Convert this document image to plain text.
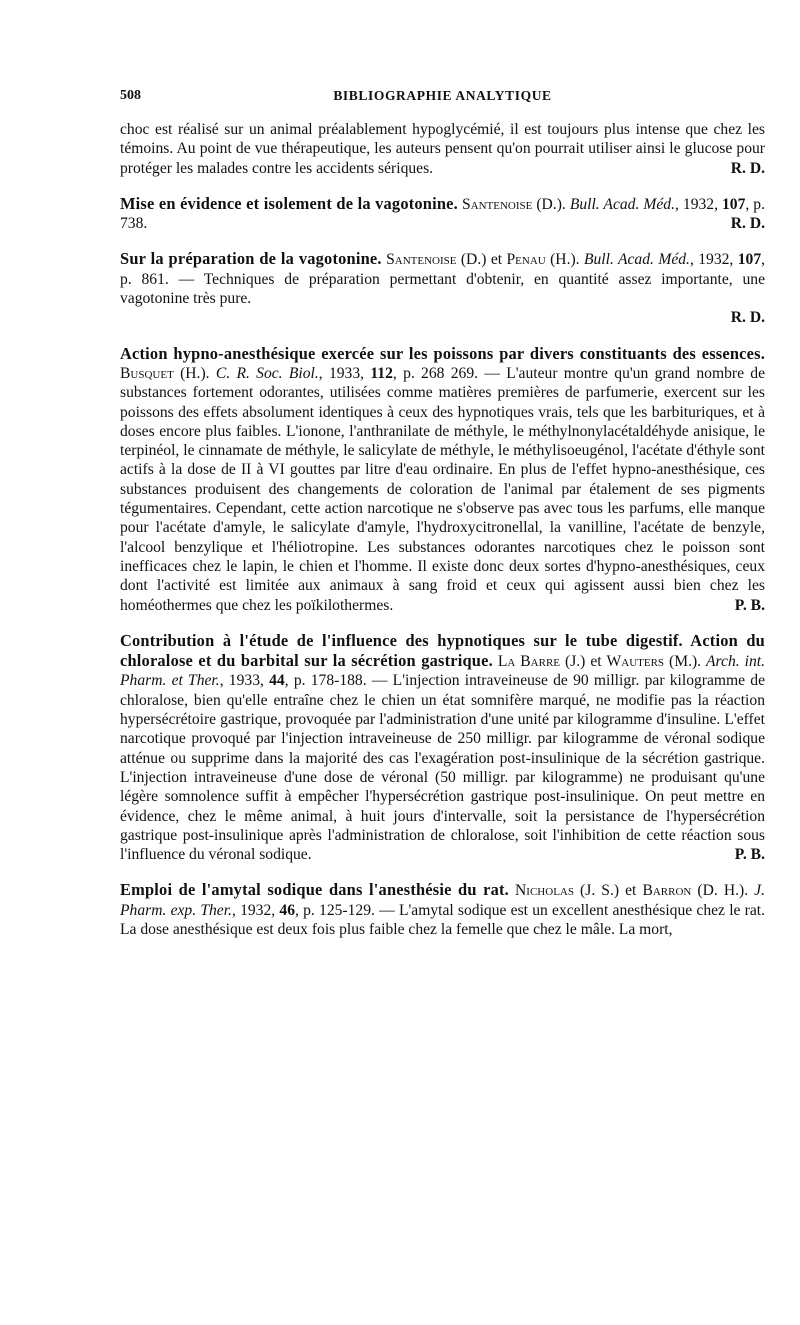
508	BIBLIOGRAPHIE ANALYTIQUE

choc est réalisé sur un animal préalablement hypoglycémié, il est toujours plus intense que chez les témoins. Au point de vue thérapeutique, les auteurs pensent qu'on pourrait utiliser ainsi le glucose pour protéger les malades contre les accidents sériques.	R. D.

Mise en évidence et isolement de la vagotonine. Santenoise (D.). Bull. Acad. Méd., 1932, 107, p. 738.	R. D.

Sur la préparation de la vagotonine. Santenoise (D.) et Penau (H.). Bull. Acad. Méd., 1932, 107, p. 861. — Techniques de préparation permettant d'obtenir, en quantité assez importante, une vagotonine très pure.

R. D.

Action hypno-anesthésique exercée sur les poissons par divers constituants des essences. Busquet (H.). C. R. Soc. Biol., 1933, 112, p. 268 269. — L'auteur montre qu'un grand nombre de substances fortement odorantes, utilisées comme matières premières de parfumerie, exercent sur les poissons des effets absolument identiques à ceux des hypnotiques vrais, tels que les barbituriques, et à doses encore plus faibles. L'ionone, l'anthranilate de méthyle, le méthylnonylacétaldéhyde anisique, le terpinéol, le cinnamate de méthyle, le salicylate de méthyle, le méthylisoeugénol, l'acétate d'éthyle sont actifs à la dose de II à VI gouttes par litre d'eau ordinaire. En plus de l'effet hypno-anesthésique, ces substances produisent des changements de coloration de l'animal par étalement de ses pigments tégumentaires. Cependant, cette action narcotique ne s'observe pas avec tous les parfums, elle manque pour l'acétate d'amyle, le salicylate d'amyle, l'hydroxycitronellal, la vanilline, l'acétate de benzyle, l'alcool benzylique et l'héliotropine. Les substances odorantes narcotiques chez le poisson sont inefficaces chez le lapin, le chien et l'homme. Il existe donc deux sortes d'hypno-anesthésiques, ceux dont l'activité est limitée aux animaux à sang froid et ceux qui agissent aussi bien chez les homéothermes que chez les poïkilothermes.	P. B.

Contribution à l'étude de l'influence des hypnotiques sur le tube digestif. Action du chloralose et du barbital sur la sécrétion gastrique. La Barre (J.) et Wauters (M.). Arch. int. Pharm. et Ther., 1933, 44, p. 178-188. — L'injection intraveineuse de 90 milligr. par kilogramme de chloralose, bien qu'elle entraîne chez le chien un état somnifère marqué, ne modifie pas la réaction hypersécrétoire gastrique, provoquée par l'administration d'une unité par kilogramme d'insuline. L'effet narcotique provoqué par l'injection intraveineuse de 250 milligr. par kilogramme de véronal sodique atténue ou supprime dans la majorité des cas l'exagération post-insulinique de la sécrétion gastrique. L'injection intraveineuse d'une dose de véronal (50 milligr. par kilogramme) ne produisant qu'une légère somnolence suffit à empêcher l'hypersécrétion gastrique post-insulinique. On peut mettre en évidence, chez le même animal, à huit jours d'intervalle, soit la persistance de l'hypersécrétion gastrique post-insulinique après l'administration de chloralose, soit l'inhibition de cette réaction sous l'influence du véronal sodique.	P. B.

Emploi de l'amytal sodique dans l'anesthésie du rat. Nicholas (J. S.) et Barron (D. H.). J. Pharm. exp. Ther., 1932, 46, p. 125-129. — L'amytal sodique est un excellent anesthésique chez le rat. La dose anesthésique est deux fois plus faible chez la femelle que chez le mâle. La mort,
